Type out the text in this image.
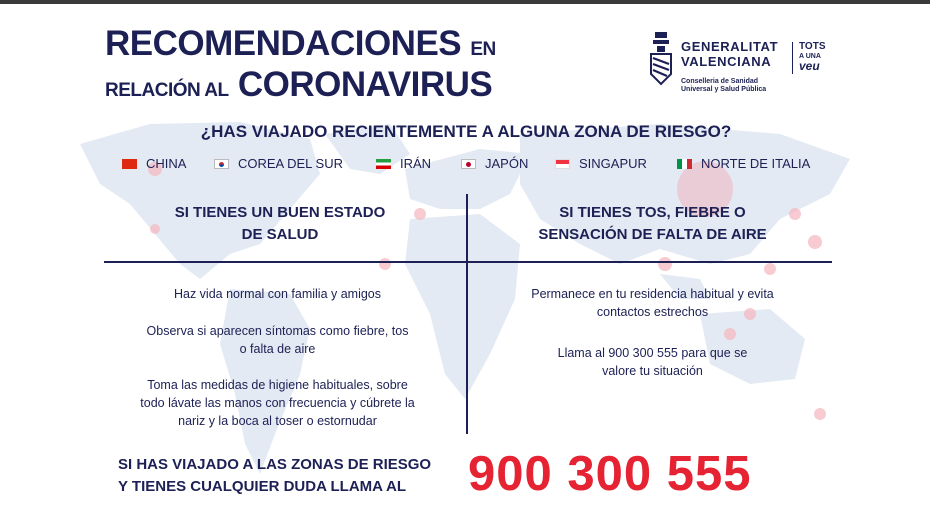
RECOMENDACIONES EN
RELACIÓN AL CORONAVIRUS
GENERALITAT
VALENCIANA
TOTS
A UNA
veu
Conselleria de Sanidad
Universal y Salud Pública
¿HAS VIAJADO RECIENTEMENTE A ALGUNA ZONA DE RIESGO?
CHINA	COREA DEL SUR	IRÁN	JAPÓN	SINGAPUR	NORTE DE ITALIA
SI TIENES UN BUEN ESTADO
DE SALUD
SI TIENES TOS, FIEBRE O
SENSACIÓN DE FALTA DE AIRE
Haz vida normal con familia y amigos
Observa si aparecen síntomas como fiebre, tos
o falta de aire
Toma las medidas de higiene habituales, sobre
todo lávate las manos con frecuencia y cúbrete la
nariz y la boca al toser o estornudar
Permanece en tu residencia habitual y evita
contactos estrechos
Llama al 900 300 555 para que se
valore tu situación
SI HAS VIAJADO A LAS ZONAS DE RIESGO
Y TIENES CUALQUIER DUDA LLAMA AL	900 300 555
